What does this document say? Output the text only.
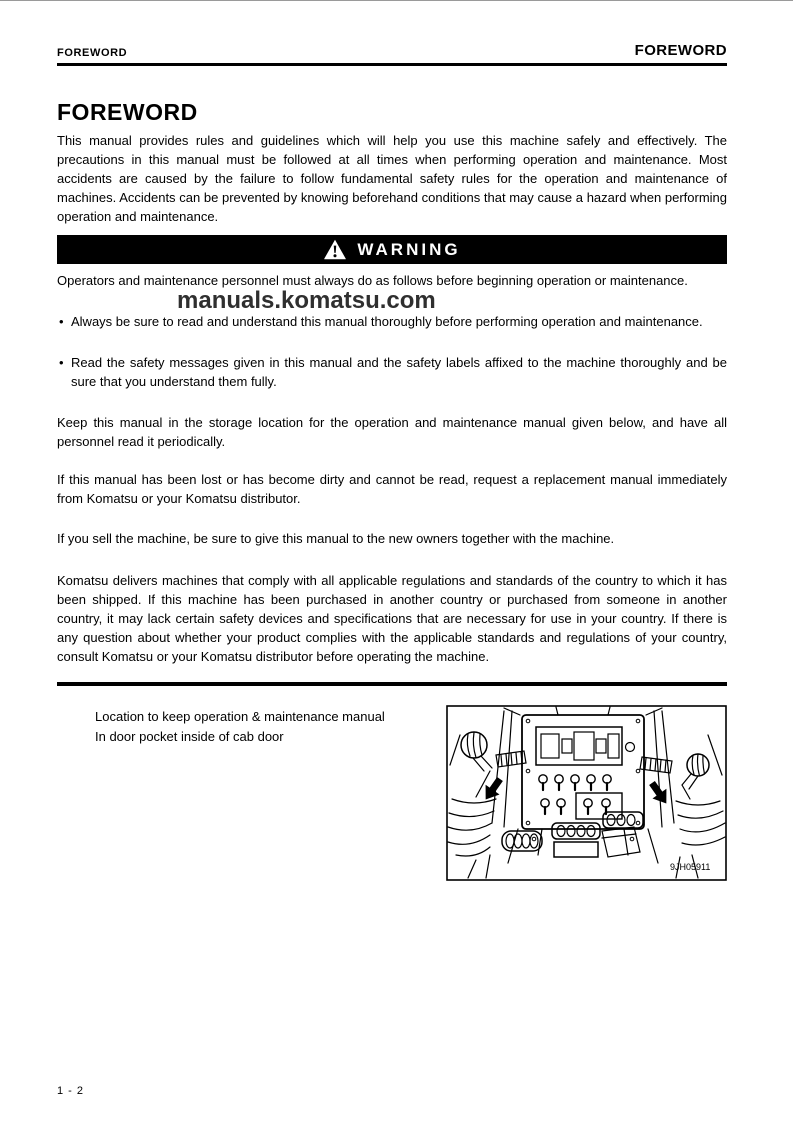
FOREWORD	FOREWORD
FOREWORD

This manual provides rules and guidelines which will help you use this machine safely and effectively. The precautions in this manual must be followed at all times when performing operation and maintenance. Most accidents are caused by the failure to follow fundamental safety rules for the operation and maintenance of machines. Accidents can be prevented by knowing beforehand conditions that may cause a hazard when performing operation and maintenance.

WARNING

Operators and maintenance personnel must always do as follows before beginning operation or maintenance.

• Always be sure to read and understand this manual thoroughly before performing operation and maintenance.
• Read the safety messages given in this manual and the safety labels affixed to the machine thoroughly and be sure that you understand them fully.

Keep this manual in the storage location for the operation and maintenance manual given below, and have all personnel read it periodically.

If this manual has been lost or has become dirty and cannot be read, request a replacement manual immediately from Komatsu or your Komatsu distributor.

If you sell the machine, be sure to give this manual to the new owners together with the machine.

Komatsu delivers machines that comply with all applicable regulations and standards of the country to which it has been shipped. If this machine has been purchased in another country or purchased from someone in another country, it may lack certain safety devices and specifications that are necessary for use in your country. If there is any question about whether your product complies with the applicable standards and regulations of your country, consult Komatsu or your Komatsu distributor before operating the machine.

Location to keep operation & maintenance manual
In door pocket inside of cab door
9JH05911
manuals.komatsu.com
1 - 2
